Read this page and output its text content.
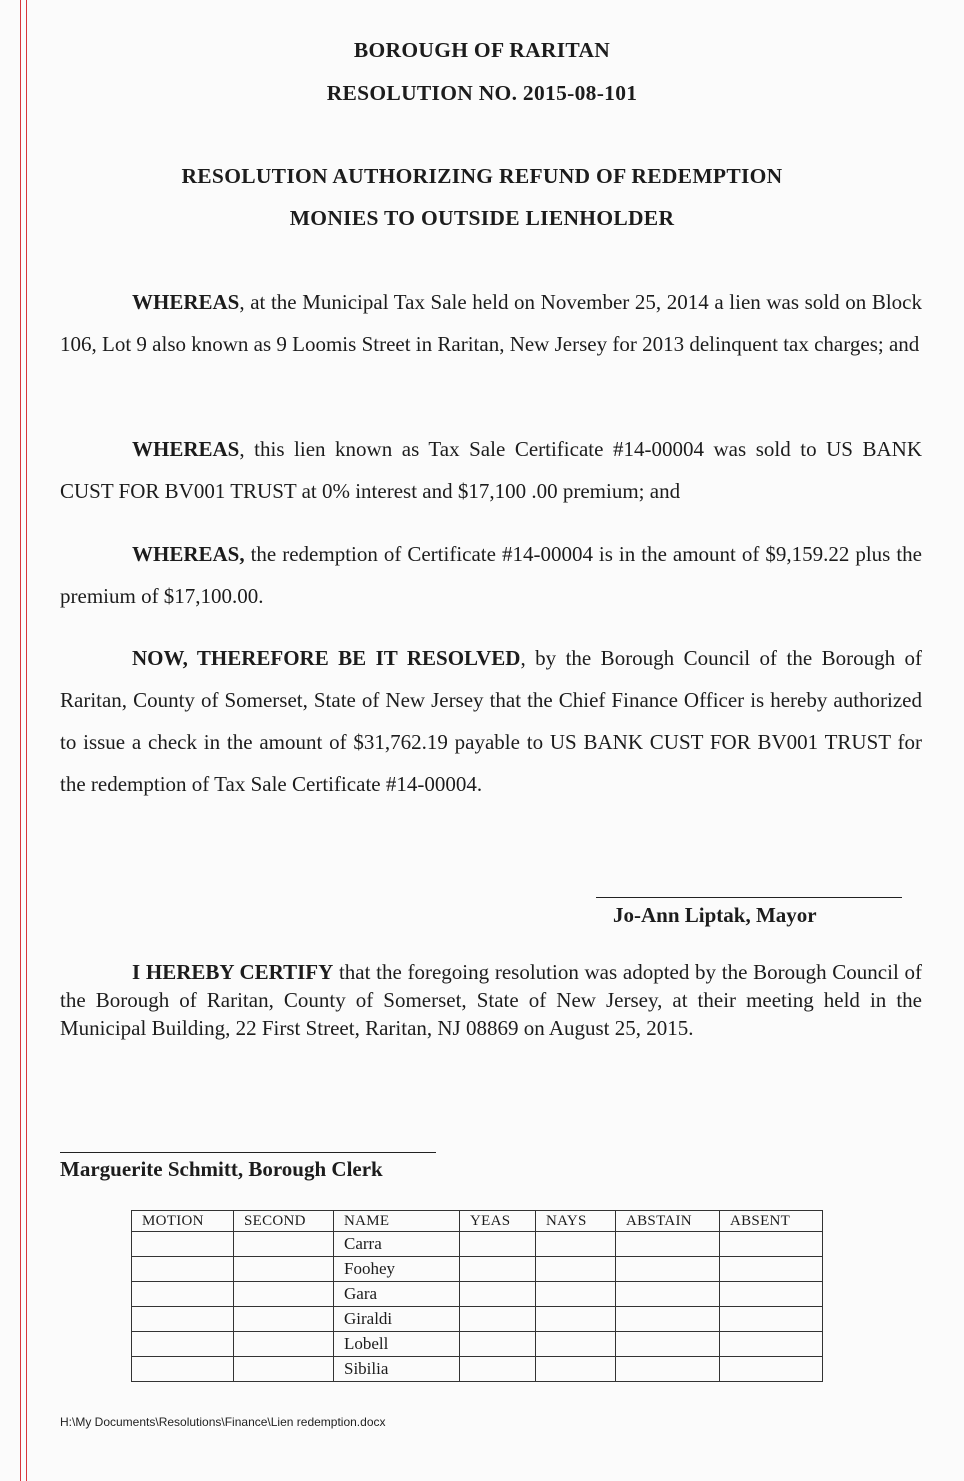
BOROUGH OF RARITAN
RESOLUTION NO. 2015-08-101
RESOLUTION AUTHORIZING REFUND OF REDEMPTION
MONIES TO OUTSIDE LIENHOLDER
WHEREAS, at the Municipal Tax Sale held on November 25, 2014 a lien was sold on Block 106, Lot 9 also known as 9 Loomis Street in Raritan, New Jersey for 2013 delinquent tax charges; and
WHEREAS, this lien known as Tax Sale Certificate #14-00004 was sold to US BANK CUST FOR BV001 TRUST at 0% interest and $17,100 .00 premium; and
WHEREAS, the redemption of Certificate #14-00004 is in the amount of $9,159.22 plus the premium of $17,100.00.
NOW, THEREFORE BE IT RESOLVED, by the Borough Council of the Borough of Raritan, County of Somerset, State of New Jersey that the Chief Finance Officer is hereby authorized to issue a check in the amount of $31,762.19 payable to US BANK CUST FOR BV001 TRUST for the redemption of Tax Sale Certificate #14-00004.
Jo-Ann Liptak, Mayor
I HEREBY CERTIFY that the foregoing resolution was adopted by the Borough Council of the Borough of Raritan, County of Somerset, State of New Jersey, at their meeting held in the Municipal Building, 22 First Street, Raritan, NJ 08869 on August 25, 2015.
Marguerite Schmitt, Borough Clerk
MOTION	SECOND	NAME	YEAS	NAYS	ABSTAIN	ABSENT
		Carra				
		Foohey				
		Gara				
		Giraldi				
		Lobell				
		Sibilia				
H:\My Documents\Resolutions\Finance\Lien redemption.docx
